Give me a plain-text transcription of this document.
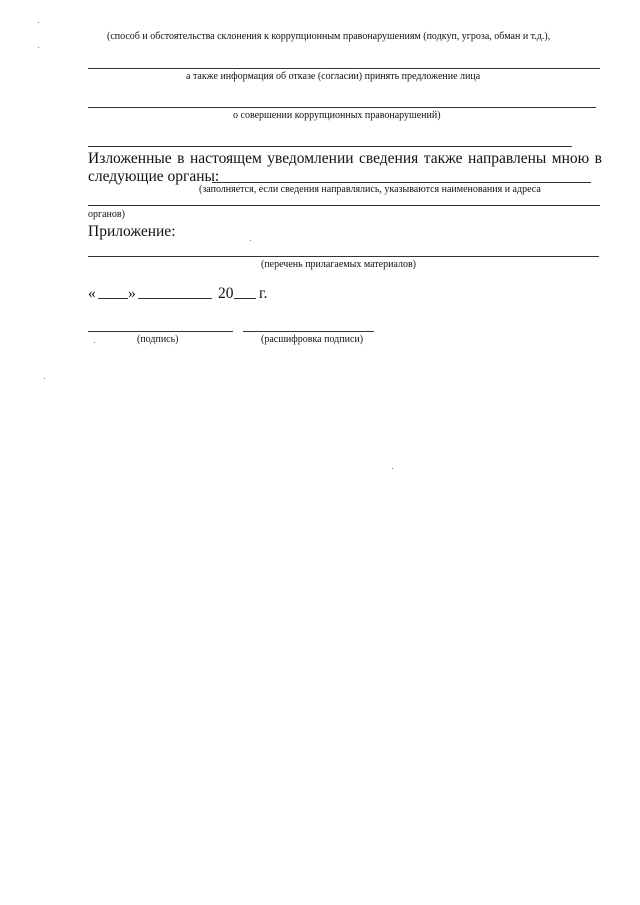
(способ и обстоятельства склонения к коррупционным правонарушениям (подкуп, угроза, обман и т.д.),
а также информация об отказе (согласии) принять предложение лица
о совершении коррупционных правонарушений)
Изложенные в настоящем уведомлении сведения также направлены мною в
следующие органы:
(заполняется, если сведения направлялись, указываются наименования и адреса
органов)
Приложение:
(перечень прилагаемых материалов)
« »	20 г.
(подпись)	(расшифровка подписи)
